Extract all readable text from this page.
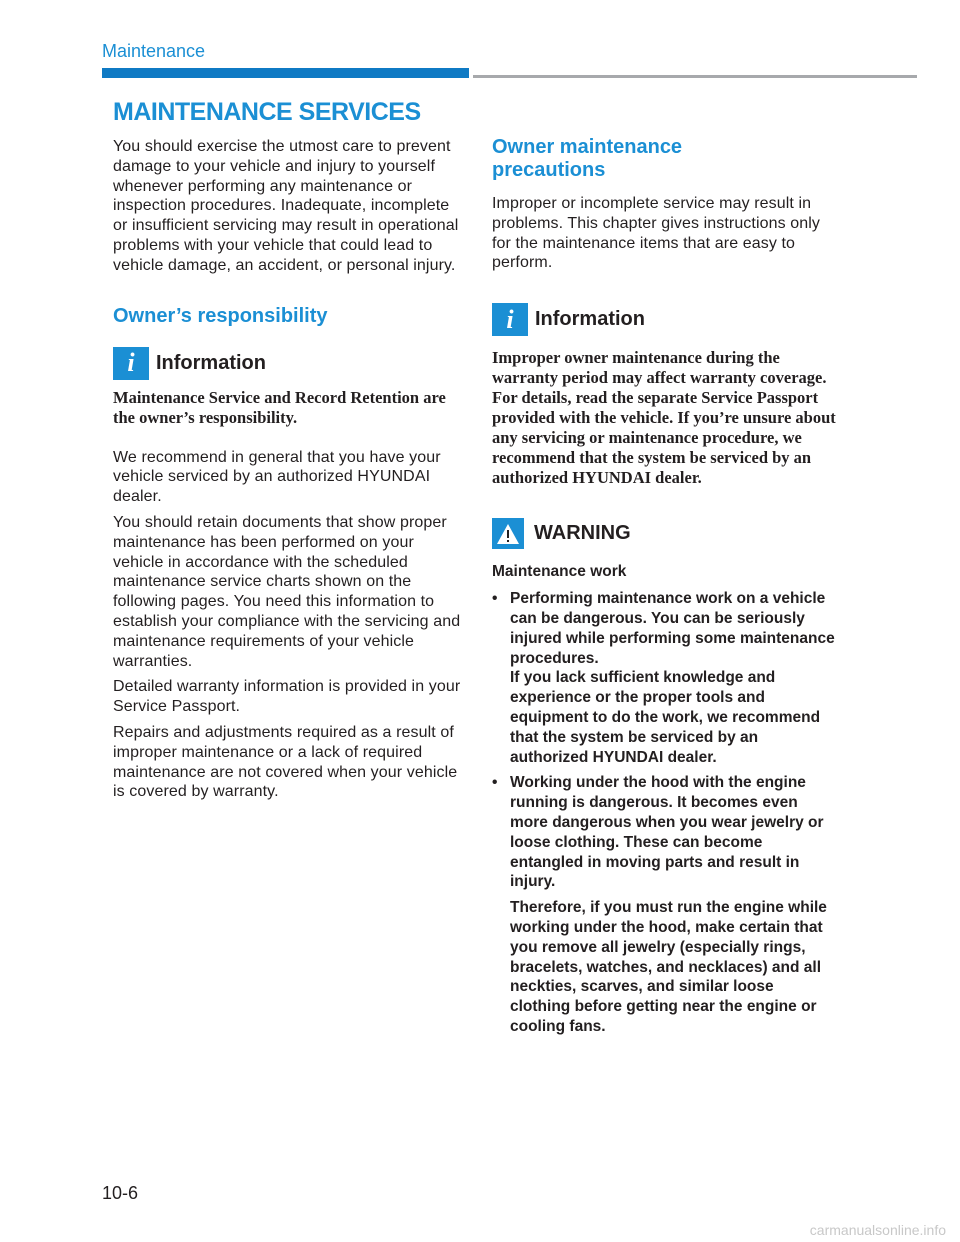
Maintenance
MAINTENANCE SERVICES

You should exercise the utmost care to prevent damage to your vehicle and injury to yourself whenever performing any maintenance or inspection procedures. Inadequate, incomplete or insufficient servicing may result in operational problems with your vehicle that could lead to vehicle damage, an accident, or personal injury.

Owner’s responsibility
i	Information

Maintenance Service and Record Retention are the owner’s responsibility.

We recommend in general that you have your vehicle serviced by an authorized HYUNDAI dealer.

You should retain documents that show proper maintenance has been performed on your vehicle in accordance with the scheduled maintenance service charts shown on the following pages. You need this information to establish your compliance with the servicing and maintenance requirements of your vehicle warranties.

Detailed warranty information is provided in your Service Passport.

Repairs and adjustments required as a result of improper maintenance or a lack of required maintenance are not covered when your vehicle is covered by warranty.

Owner maintenance
precautions

Improper or incomplete service may result in problems. This chapter gives instructions only for the maintenance items that are easy to perform.

i	Information

Improper owner maintenance during the warranty period may affect warranty coverage. For details, read the separate Service Passport provided with the vehicle. If you’re unsure about any servicing or maintenance procedure, we recommend that the system be serviced by an authorized HYUNDAI dealer.

WARNING

Maintenance work

• Performing maintenance work on a vehicle can be dangerous. You can be seriously injured while performing some maintenance procedures.
If you lack sufficient knowledge and experience or the proper tools and equipment to do the work, we recommend that the system be serviced by an authorized HYUNDAI dealer.
• Working under the hood with the engine running is dangerous. It becomes even more dangerous when you wear jewelry or loose clothing. These can become entangled in moving parts and result in injury.
Therefore, if you must run the engine while working under the hood, make certain that you remove all jewelry (especially rings, bracelets, watches, and necklaces) and all neckties, scarves, and similar loose clothing before getting near the engine or cooling fans.
10-6
carmanualsonline.info
